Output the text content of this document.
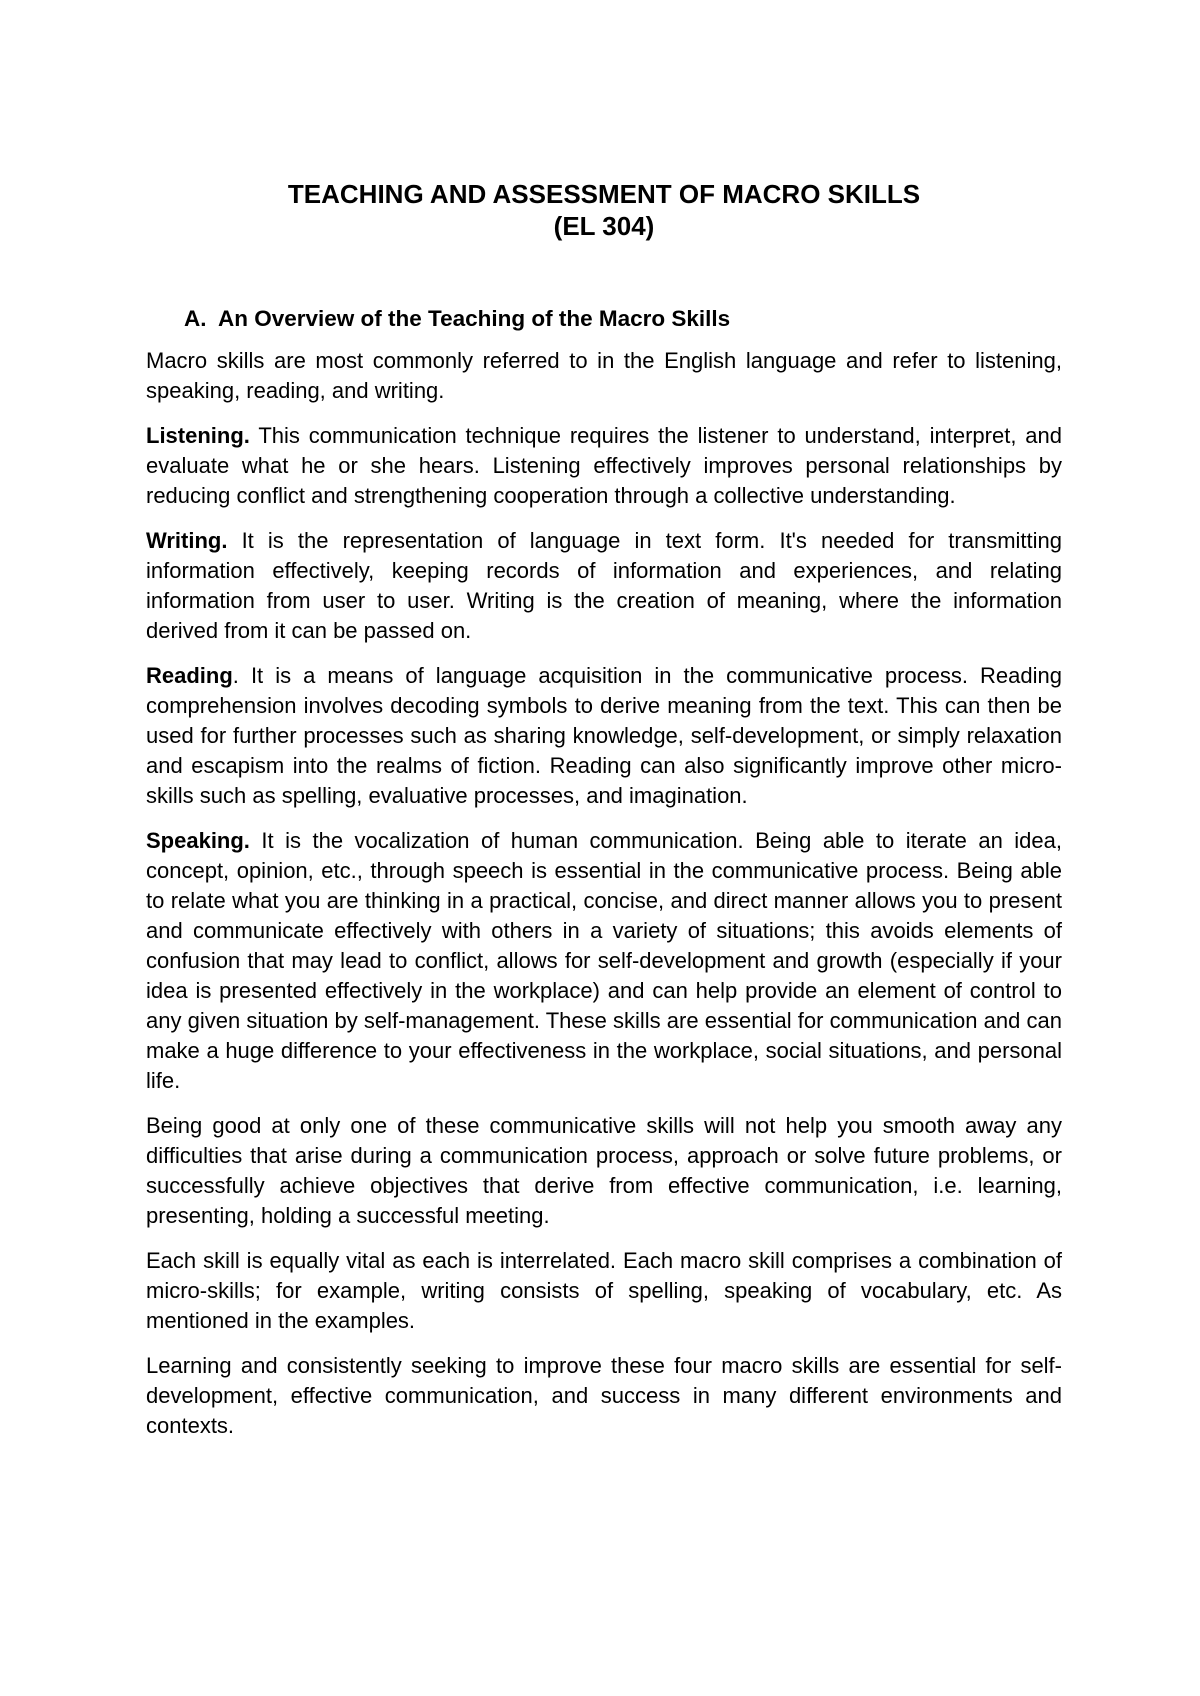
TEACHING AND ASSESSMENT OF MACRO SKILLS
(EL 304)
A. An Overview of the Teaching of the Macro Skills

Macro skills are most commonly referred to in the English language and refer to listening, speaking, reading, and writing.

Listening. This communication technique requires the listener to understand, interpret, and evaluate what he or she hears. Listening effectively improves personal relationships by reducing conflict and strengthening cooperation through a collective understanding.

Writing. It is the representation of language in text form. It's needed for transmitting information effectively, keeping records of information and experiences, and relating information from user to user. Writing is the creation of meaning, where the information derived from it can be passed on.

Reading. It is a means of language acquisition in the communicative process. Reading comprehension involves decoding symbols to derive meaning from the text. This can then be used for further processes such as sharing knowledge, self-development, or simply relaxation and escapism into the realms of fiction. Reading can also significantly improve other micro-skills such as spelling, evaluative processes, and imagination.

Speaking. It is the vocalization of human communication. Being able to iterate an idea, concept, opinion, etc., through speech is essential in the communicative process. Being able to relate what you are thinking in a practical, concise, and direct manner allows you to present and communicate effectively with others in a variety of situations; this avoids elements of confusion that may lead to conflict, allows for self-development and growth (especially if your idea is presented effectively in the workplace) and can help provide an element of control to any given situation by self-management. These skills are essential for communication and can make a huge difference to your effectiveness in the workplace, social situations, and personal life.

Being good at only one of these communicative skills will not help you smooth away any difficulties that arise during a communication process, approach or solve future problems, or successfully achieve objectives that derive from effective communication, i.e. learning, presenting, holding a successful meeting.

Each skill is equally vital as each is interrelated. Each macro skill comprises a combination of micro-skills; for example, writing consists of spelling, speaking of vocabulary, etc. As mentioned in the examples.

Learning and consistently seeking to improve these four macro skills are essential for self-development, effective communication, and success in many different environments and contexts.
